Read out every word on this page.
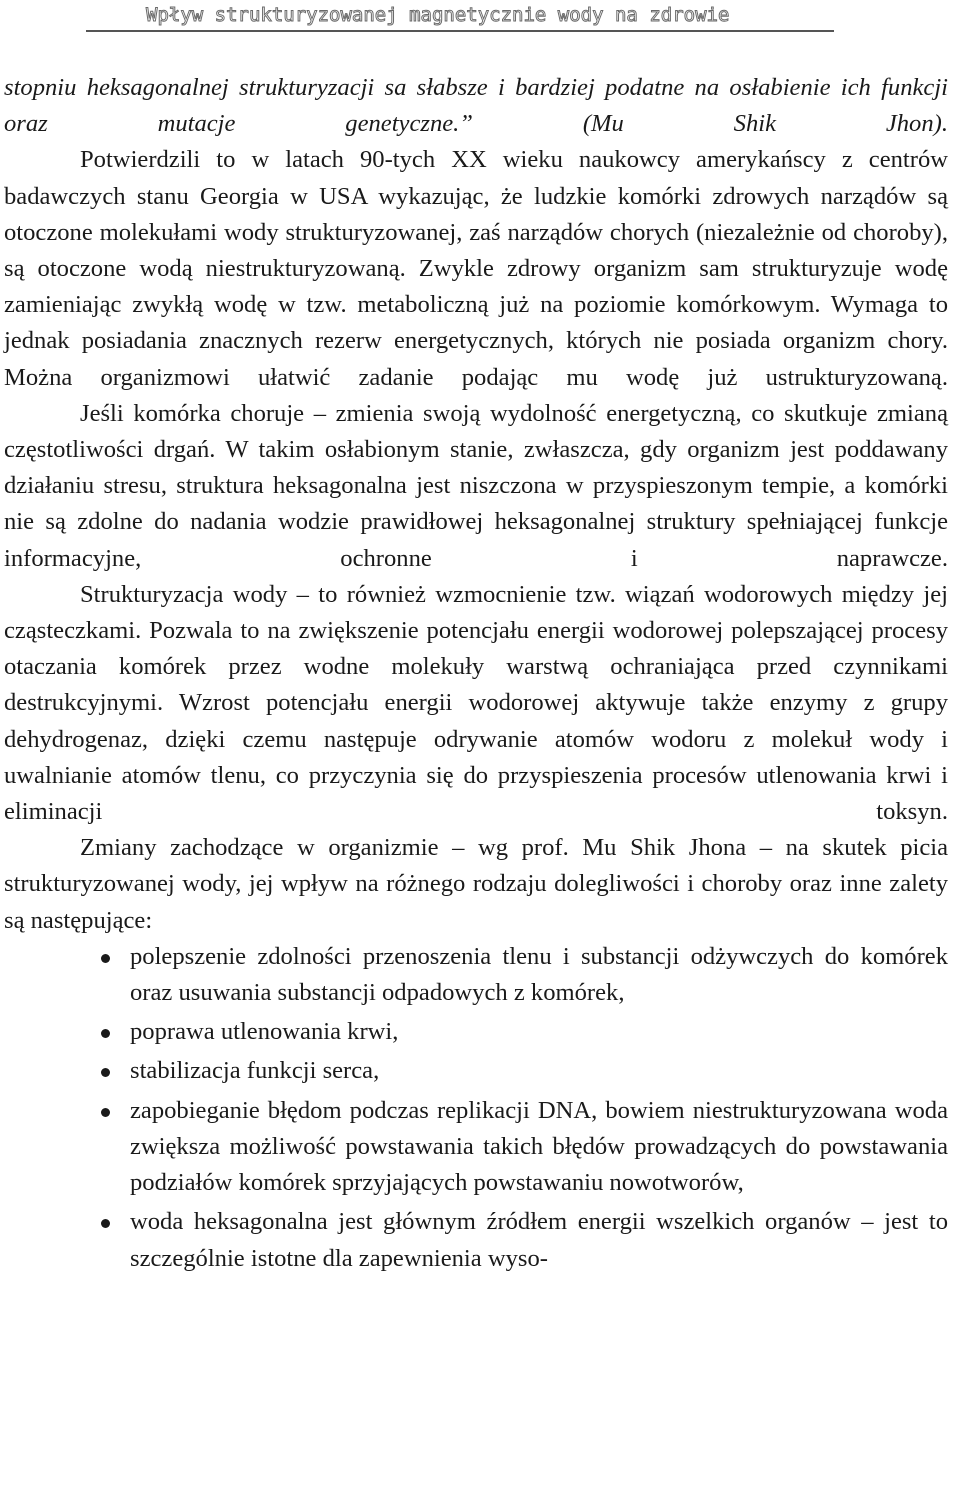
Wpływ strukturyzowanej magnetycznie wody na zdrowie

stopniu heksagonalnej strukturyzacji sa słabsze i bardziej podatne na osłabienie ich funkcji oraz mutacje genetyczne.” (Mu Shik Jhon).

Potwierdzili to w latach 90-tych XX wieku naukowcy amerykańscy z centrów badawczych stanu Georgia w USA wykazując, że ludzkie komórki zdrowych narządów są otoczone molekułami wody strukturyzowanej, zaś narządów chorych (niezależnie od choroby), są otoczone wodą niestrukturyzowaną. Zwykle zdrowy organizm sam strukturyzuje wodę zamieniając zwykłą wodę w tzw. metaboliczną już na poziomie komórkowym. Wymaga to jednak posiadania znacznych rezerw energetycznych, których nie posiada organizm chory. Można organizmowi ułatwić zadanie podając mu wodę już ustrukturyzowaną.

Jeśli komórka choruje – zmienia swoją wydolność energetyczną, co skutkuje zmianą częstotliwości drgań. W takim osłabionym stanie, zwłaszcza, gdy organizm jest poddawany działaniu stresu, struktura heksagonalna jest niszczona w przyspieszonym tempie, a komórki nie są zdolne do nadania wodzie prawidłowej heksagonalnej struktury spełniającej funkcje informacyjne, ochronne i naprawcze.

Strukturyzacja wody – to również wzmocnienie tzw. wiązań wodorowych między jej cząsteczkami. Pozwala to na zwiększenie potencjału energii wodorowej polepszającej procesy otaczania komórek przez wodne molekuły warstwą ochraniająca przed czynnikami destrukcyjnymi. Wzrost potencjału energii wodorowej aktywuje także enzymy z grupy dehydrogenaz, dzięki czemu następuje odrywanie atomów wodoru z molekuł wody i uwalnianie atomów tlenu, co przyczynia się do przyspieszenia procesów utlenowania krwi i eliminacji toksyn.

Zmiany zachodzące w organizmie – wg prof. Mu Shik Jhona – na skutek picia strukturyzowanej wody, jej wpływ na różnego rodzaju dolegliwości i choroby oraz inne zalety są następujące:

polepszenie zdolności przenoszenia tlenu i substancji odżywczych do komórek oraz usuwania substancji odpadowych z komórek,
poprawa utlenowania krwi,
stabilizacja funkcji serca,
zapobieganie błędom podczas replikacji DNA, bowiem niestrukturyzowana woda zwiększa możliwość powstawania takich błędów prowadzących do powstawania podziałów komórek sprzyjających powstawaniu nowotworów,
woda heksagonalna jest głównym źródłem energii wszelkich organów – jest to szczególnie istotne dla zapewnienia wyso-
